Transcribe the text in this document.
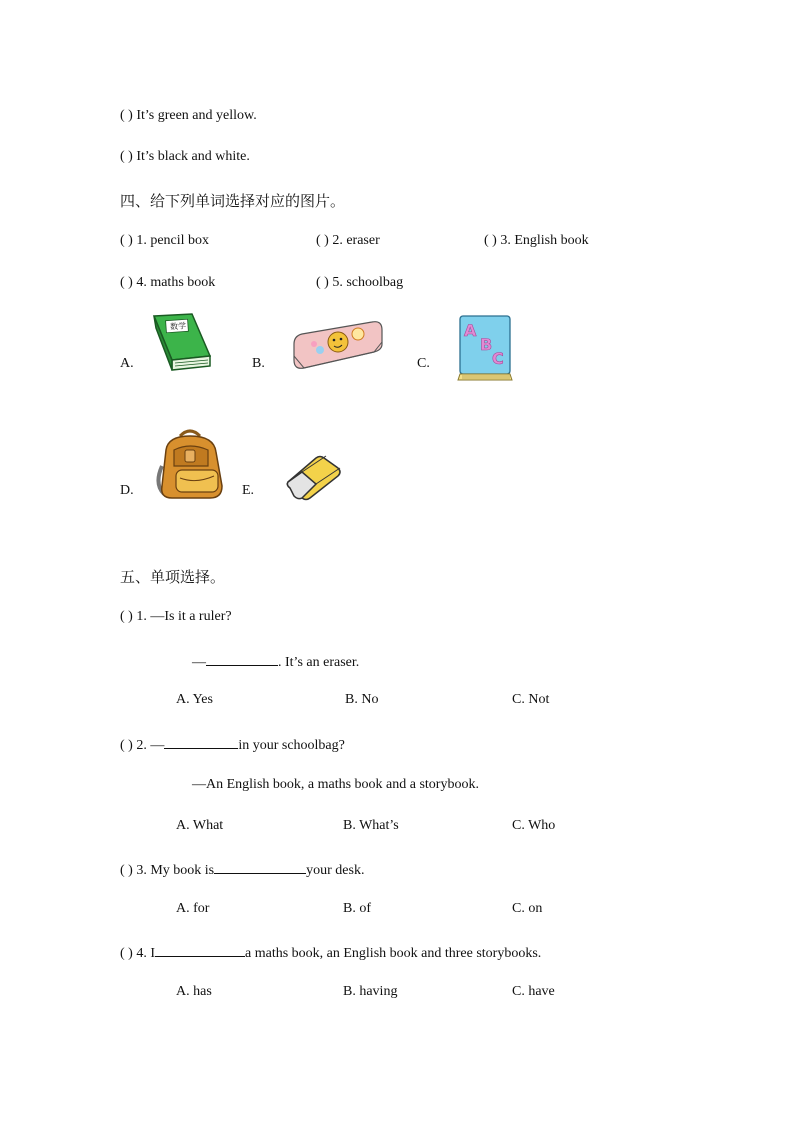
( ) It’s green and yellow.
( ) It’s black and white.
四、给下列单词选择对应的图片。
( ) 1. pencil box	( ) 2. eraser	( ) 3. English book
( ) 4. maths book	( ) 5. schoolbag
A.	B.	C.
D.	E.
数学	A
B
C
五、单项选择。
( ) 1. —Is it a ruler?
—	. It’s an eraser.
A. Yes	B. No	C. Not
( ) 2. —	in your schoolbag?
—An English book, a maths book and a storybook.
A. What	B. What’s	C. Who
( ) 3. My book is	your desk.
A. for	B. of	C. on
( ) 4. I	a maths book, an English book and three storybooks.
A. has	B. having	C. have
